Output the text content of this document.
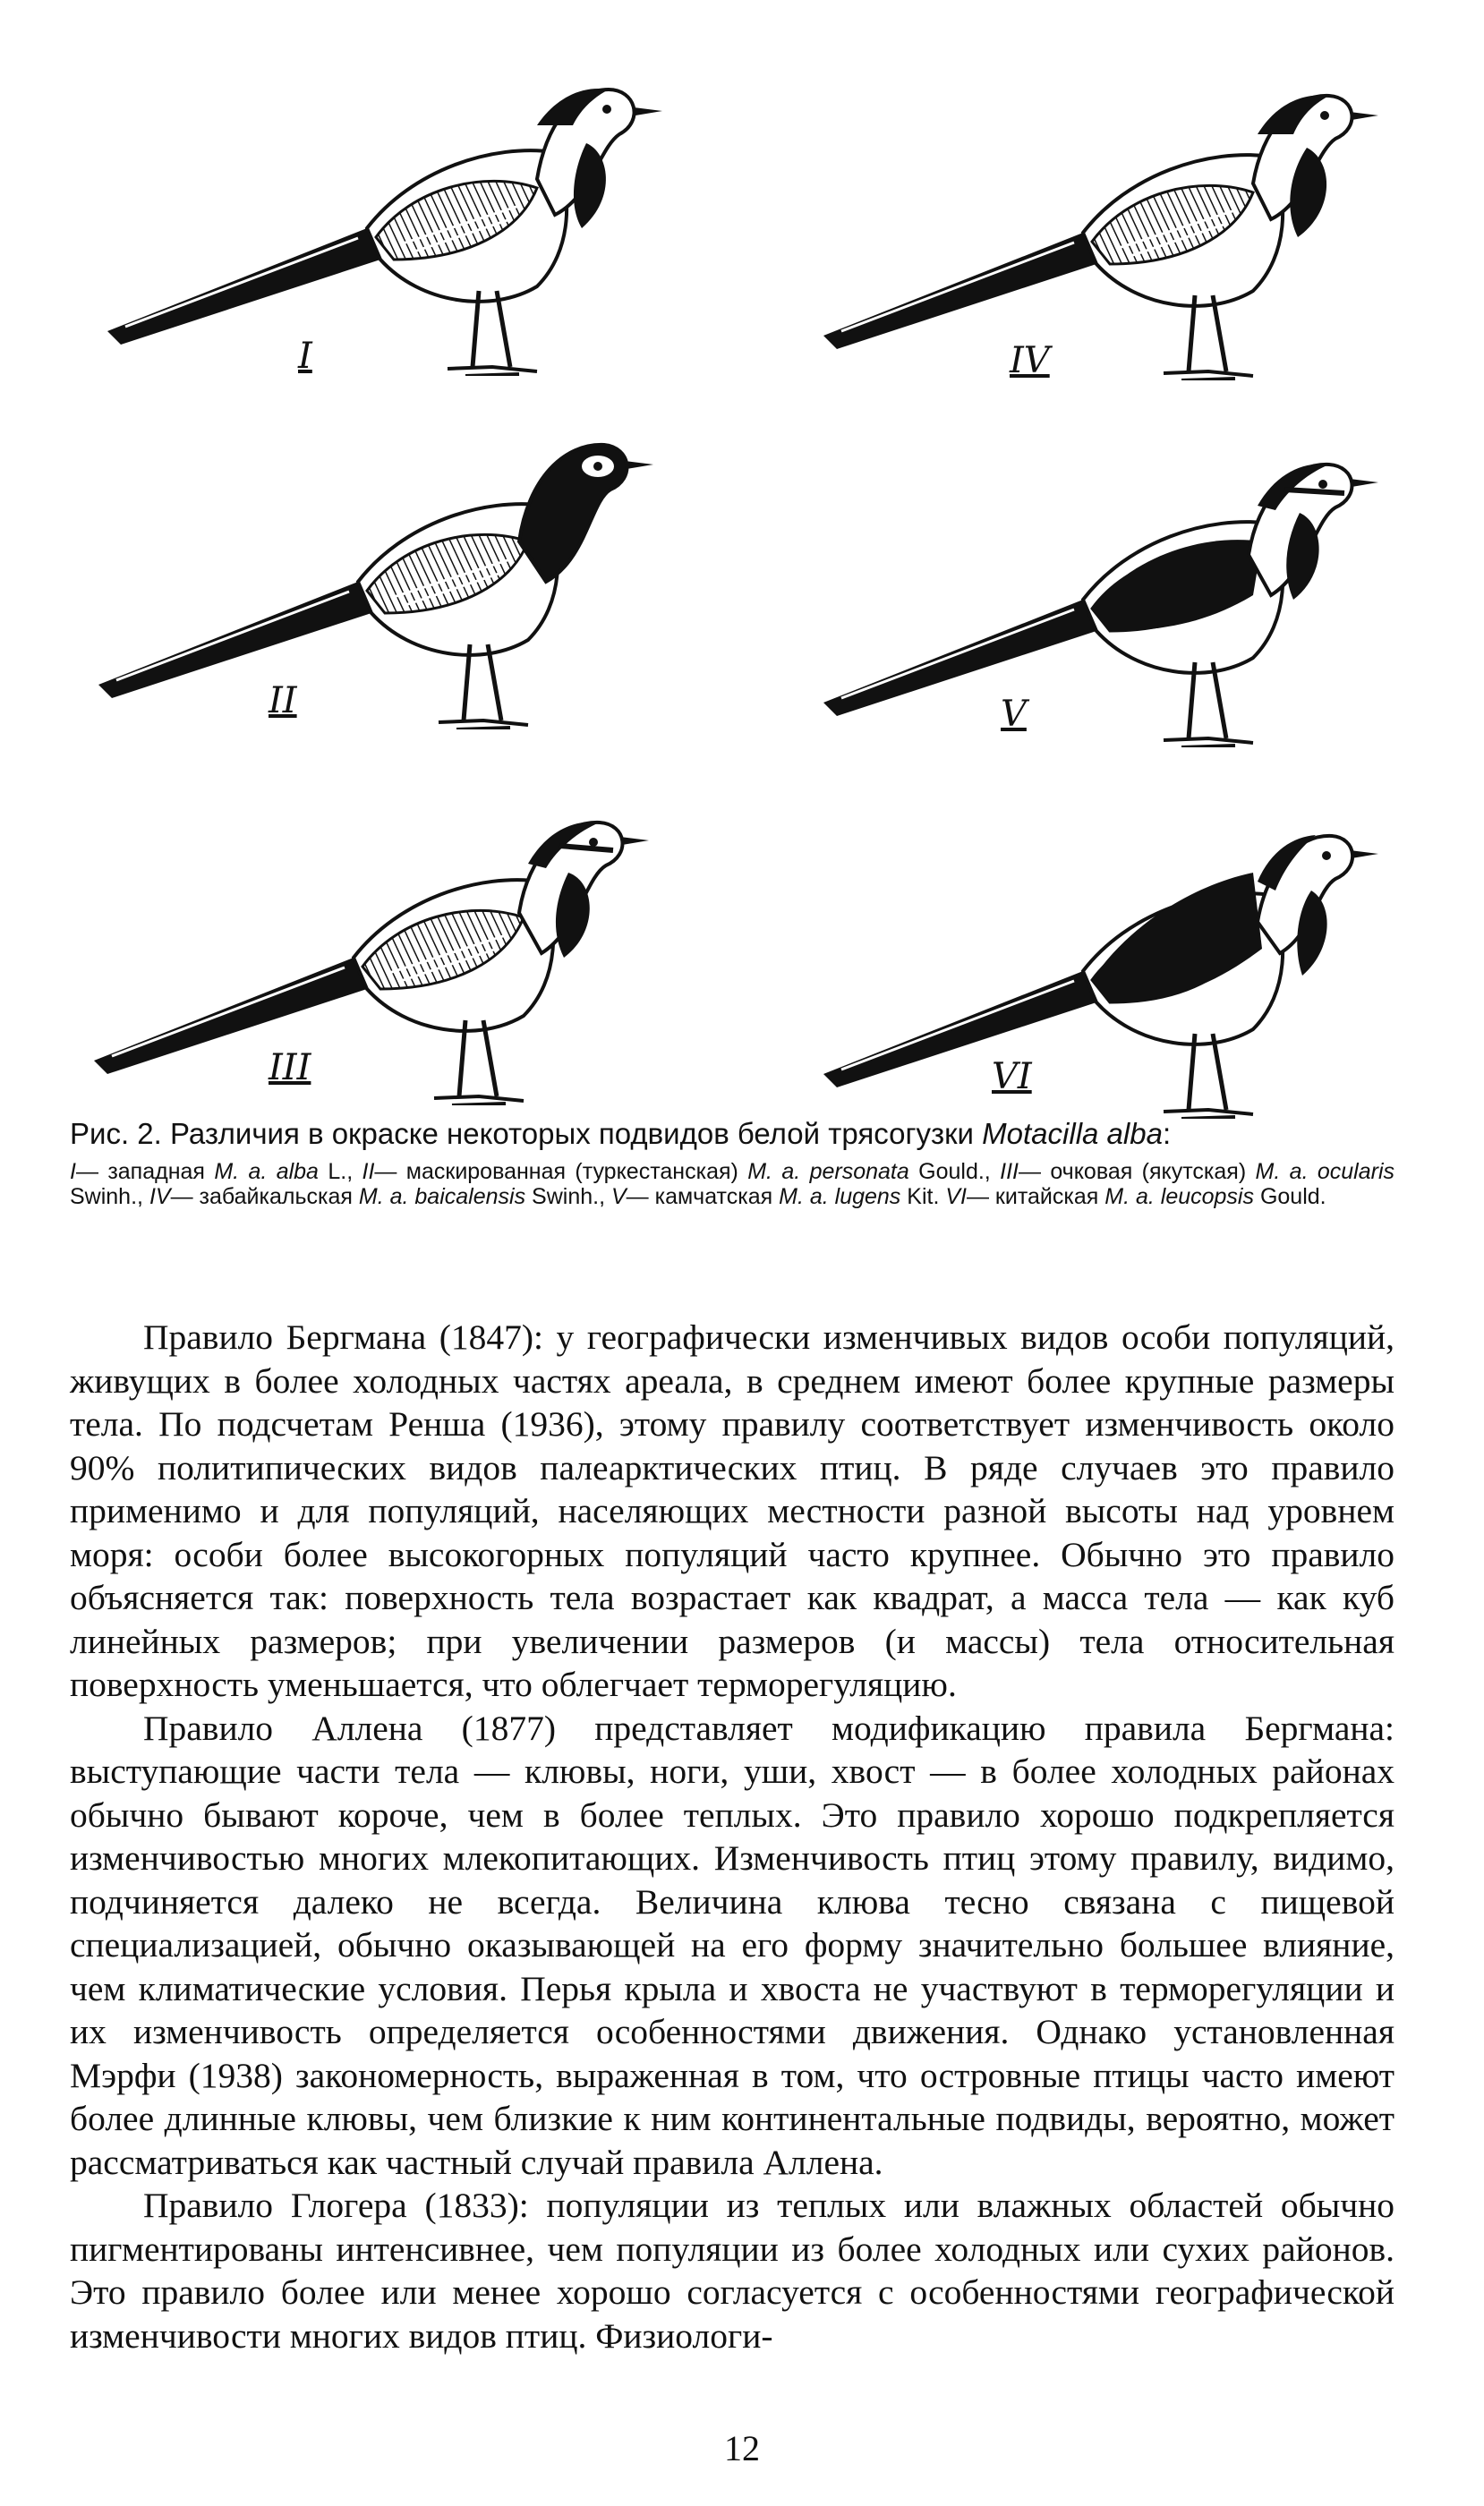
I
II
III
IV
V
VI
Рис. 2. Различия в окраске некоторых подвидов белой трясогузки Motacilla alba:
I— западная M. a. alba L., II— маскированная (туркестанская) M. a. personata Gould., III— очковая (якутская) M. a. ocularis Swinh., IV— забайкальская M. a. baicalensis Swinh., V— камчатская M. a. lugens Kit. VI— китайская M. a. leucopsis Gould.

Правило Бергмана (1847): у географически изменчивых видов особи популяций, живущих в более холодных частях ареала, в среднем имеют более крупные размеры тела. По подсчетам Ренша (1936), этому правилу соответствует изменчивость около 90% политипических видов палеарктических птиц. В ряде случаев это правило применимо и для популяций, населяющих местности разной высоты над уровнем моря: особи более высокогорных популяций часто крупнее. Обычно это правило объясняется так: поверхность тела возрастает как квадрат, а масса тела — как куб линейных размеров; при увеличении размеров (и массы) тела относительная поверхность уменьшается, что облегчает терморегуляцию.

Правило Аллена (1877) представляет модификацию правила Бергмана: выступающие части тела — клювы, ноги, уши, хвост — в более холодных районах обычно бывают короче, чем в более теплых. Это правило хорошо подкрепляется изменчивостью многих млекопитающих. Изменчивость птиц этому правилу, видимо, подчиняется далеко не всегда. Величина клюва тесно связана с пищевой специализацией, обычно оказывающей на его форму значительно большее влияние, чем климатические условия. Перья крыла и хвоста не участвуют в терморегуляции и их изменчивость определяется особенностями движения. Однако установленная Мэрфи (1938) закономерность, выраженная в том, что островные птицы часто имеют более длинные клювы, чем близкие к ним континентальные подвиды, вероятно, может рассматриваться как частный случай правила Аллена.

Правило Глогера (1833): популяции из теплых или влажных областей обычно пигментированы интенсивнее, чем популяции из более холодных или сухих районов. Это правило более или менее хорошо согласуется с особенностями географической изменчивости многих видов птиц. Физиологи-

12
